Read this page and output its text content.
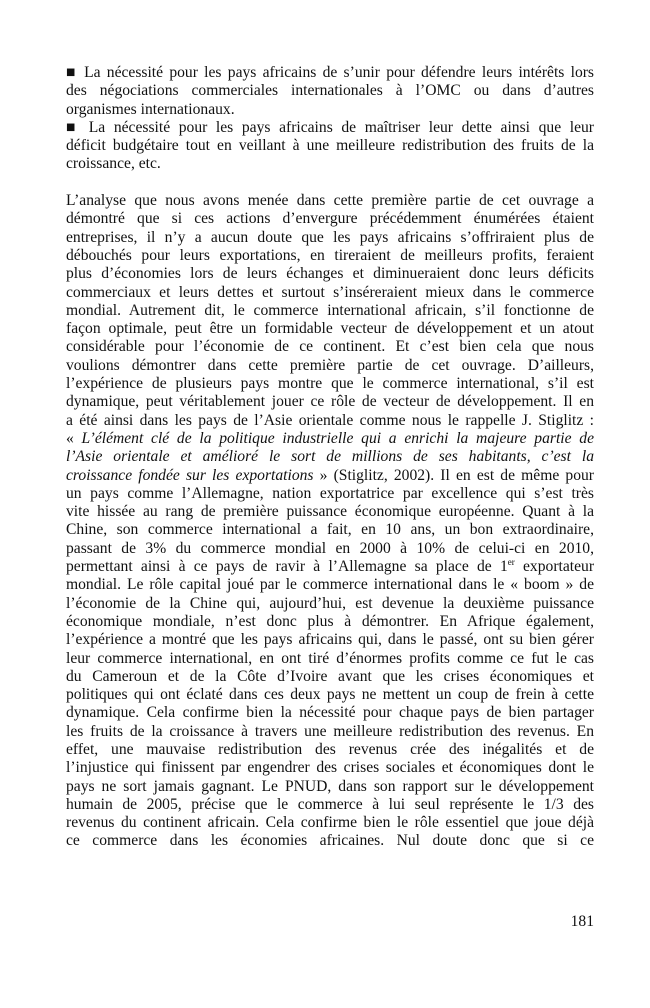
■ La nécessité pour les pays africains de s’unir pour défendre leurs intérêts lors
des négociations commerciales internationales à l’OMC ou dans d’autres
organismes internationaux.
■ La nécessité pour les pays africains de maîtriser leur dette ainsi que leur
déficit budgétaire tout en veillant à une meilleure redistribution des fruits de la
croissance, etc.
L’analyse que nous avons menée dans cette première partie de cet ouvrage a
démontré que si ces actions d’envergure précédemment énumérées étaient
entreprises, il n’y a aucun doute que les pays africains s’offriraient plus de
débouchés pour leurs exportations, en tireraient de meilleurs profits, feraient
plus d’économies lors de leurs échanges et diminueraient donc leurs déficits
commerciaux et leurs dettes et surtout s’inséreraient mieux dans le commerce
mondial. Autrement dit, le commerce international africain, s’il fonctionne de
façon optimale, peut être un formidable vecteur de développement et un atout
considérable pour l’économie de ce continent. Et c’est bien cela que nous
voulions démontrer dans cette première partie de cet ouvrage. D’ailleurs,
l’expérience de plusieurs pays montre que le commerce international, s’il est
dynamique, peut véritablement jouer ce rôle de vecteur de développement. Il en
a été ainsi dans les pays de l’Asie orientale comme nous le rappelle J. Stiglitz :
« L’élément clé de la politique industrielle qui a enrichi la majeure partie de
l’Asie orientale et amélioré le sort de millions de ses habitants, c’est la
croissance fondée sur les exportations » (Stiglitz, 2002). Il en est de même pour
un pays comme l’Allemagne, nation exportatrice par excellence qui s’est très
vite hissée au rang de première puissance économique européenne. Quant à la
Chine, son commerce international a fait, en 10 ans, un bon extraordinaire,
passant de 3% du commerce mondial en 2000 à 10% de celui-ci en 2010,
permettant ainsi à ce pays de ravir à l’Allemagne sa place de 1er exportateur
mondial. Le rôle capital joué par le commerce international dans le « boom » de
l’économie de la Chine qui, aujourd’hui, est devenue la deuxième puissance
économique mondiale, n’est donc plus à démontrer. En Afrique également,
l’expérience a montré que les pays africains qui, dans le passé, ont su bien gérer
leur commerce international, en ont tiré d’énormes profits comme ce fut le cas
du Cameroun et de la Côte d’Ivoire avant que les crises économiques et
politiques qui ont éclaté dans ces deux pays ne mettent un coup de frein à cette
dynamique. Cela confirme bien la nécessité pour chaque pays de bien partager
les fruits de la croissance à travers une meilleure redistribution des revenus. En
effet, une mauvaise redistribution des revenus crée des inégalités et de
l’injustice qui finissent par engendrer des crises sociales et économiques dont le
pays ne sort jamais gagnant. Le PNUD, dans son rapport sur le développement
humain de 2005, précise que le commerce à lui seul représente le 1/3 des
revenus du continent africain. Cela confirme bien le rôle essentiel que joue déjà
ce commerce dans les économies africaines. Nul doute donc que si ce
181
